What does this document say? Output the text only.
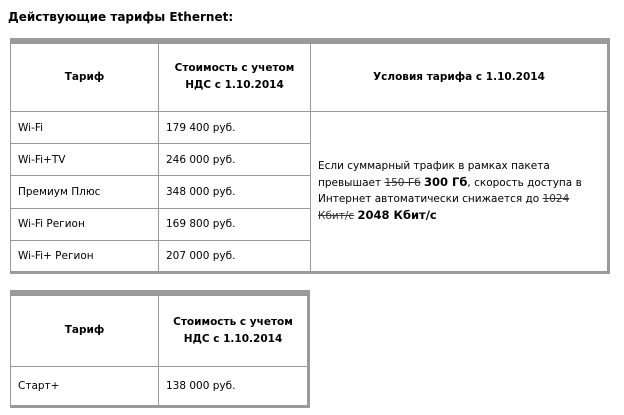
Действующие тарифы Ethernet:
Тариф	Стоимость с учетом НДС с 1.10.2014	Условия тарифа с 1.10.2014
Wi-Fi	179 400 руб.	Если суммарный трафик в рамках пакета превышает 150 Гб 300 Гб, скорость доступа в Интернет автоматически снижается до 1024 Кбит/с 2048 Кбит/с
Wi-Fi+TV	246 000 руб.	
Премиум Плюс	348 000 руб.	
Wi-Fi Регион	169 800 руб.	
Wi-Fi+ Регион	207 000 руб.	
Тариф	Стоимость с учетом НДС с 1.10.2014
Старт+	138 000 руб.
